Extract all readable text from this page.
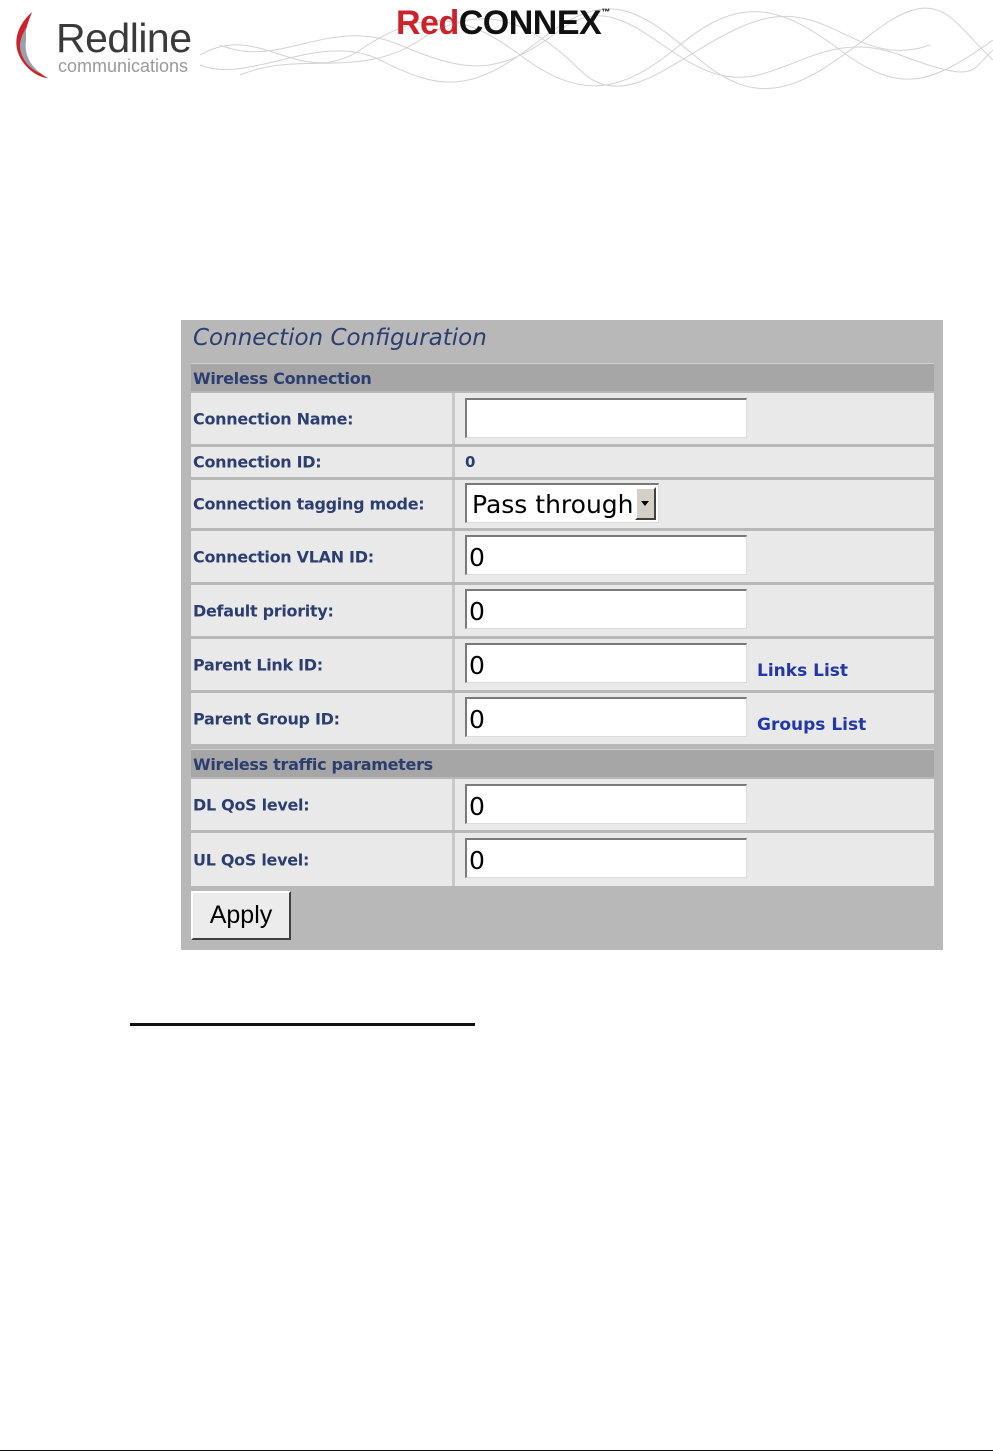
Redline
communications
RedCONNEX™
Connection Configuration
Wireless Connection
Connection Name:
Connection ID:	0
Connection tagging mode: Pass through
Connection VLAN ID:
0
Default priority:
0
Parent Link ID:
0	Links List
Parent Group ID:
0	Groups List
Wireless traffic parameters
DL QoS level:
0
UL QoS level:
0
Apply
